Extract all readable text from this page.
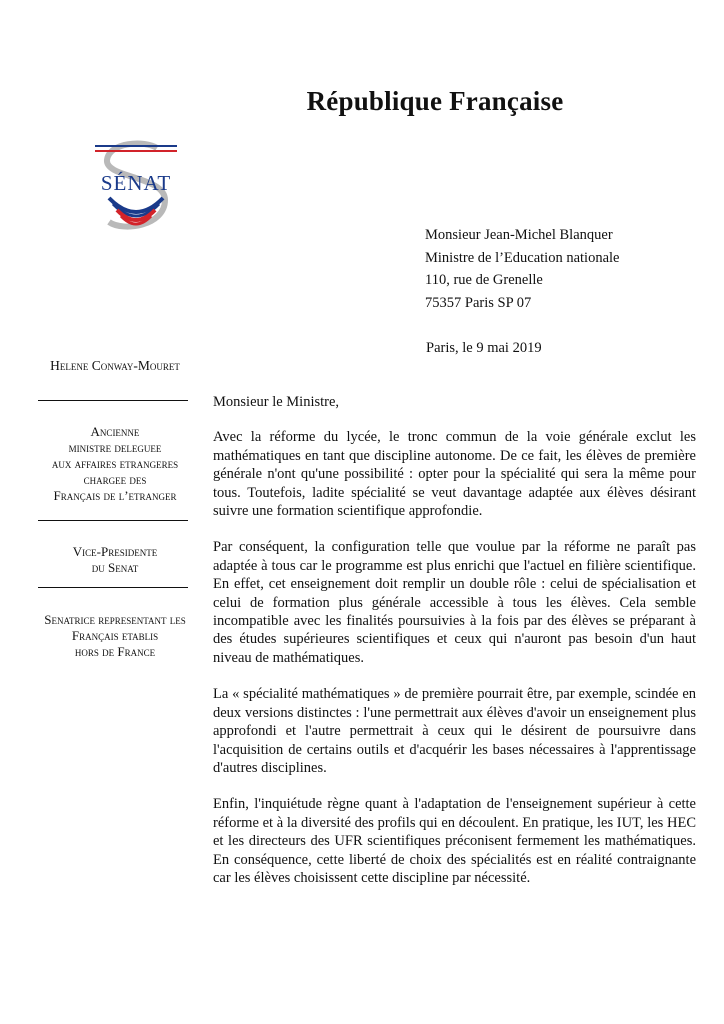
République Française
SÉNAT
Monsieur Jean-Michel Blanquer
Ministre de l’Education nationale
110, rue de Grenelle
75357 Paris SP 07
Paris, le 9 mai 2019
Helene Conway-Mouret
Ancienne
ministre deleguee
aux affaires etrangeres
chargee des
Français de l’etranger
Vice-Presidente
du Senat
Senatrice representant les
Français etablis
hors de France

Monsieur le Ministre,

Avec la réforme du lycée, le tronc commun de la voie générale exclut les mathématiques en tant que discipline autonome. De ce fait, les élèves de première générale n'ont qu'une possibilité : opter pour la spécialité qui sera la même pour tous. Toutefois, ladite spécialité se veut davantage adaptée aux élèves désirant suivre une formation scientifique approfondie.

Par conséquent, la configuration telle que voulue par la réforme ne paraît pas adaptée à tous car le programme est plus enrichi que l'actuel en filière scientifique. En effet, cet enseignement doit remplir un double rôle : celui de spécialisation et celui de formation plus générale accessible à tous les élèves. Cela semble incompatible avec les finalités poursuivies à la fois par des élèves se préparant à des études supérieures scientifiques et ceux qui n'auront pas besoin d'un haut niveau de mathématiques.

La « spécialité mathématiques » de première pourrait être, par exemple, scindée en deux versions distinctes : l'une permettrait aux élèves d'avoir un enseignement plus approfondi et l'autre permettrait à ceux qui le désirent de poursuivre dans l'acquisition de certains outils et d'acquérir les bases nécessaires à l'apprentissage d'autres disciplines.

Enfin, l'inquiétude règne quant à l'adaptation de l'enseignement supérieur à cette réforme et à la diversité des profils qui en découlent. En pratique, les IUT, les HEC et les directeurs des UFR scientifiques préconisent fermement les mathématiques. En conséquence, cette liberté de choix des spécialités est en réalité contraignante car les élèves choisissent cette discipline par nécessité.
